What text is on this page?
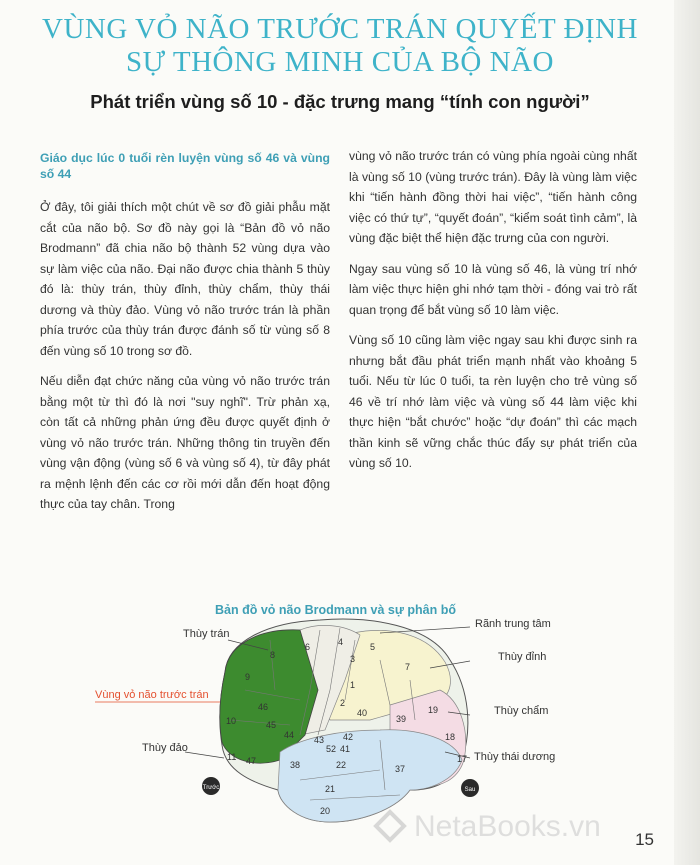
VÙNG VỎ NÃO TRƯỚC TRÁN QUYẾT ĐỊNH
SỰ THÔNG MINH CỦA BỘ NÃO
Phát triển vùng số 10 - đặc trưng mang “tính con người”

Giáo dục lúc 0 tuổi rèn luyện vùng số 46 và vùng số 44

Ở đây, tôi giải thích một chút về sơ đồ giải phẫu mặt cắt của não bộ. Sơ đồ này gọi là “Bản đồ vỏ não Brodmann” đã chia não bộ thành 52 vùng dựa vào sự làm việc của não. Đại não được chia thành 5 thùy đó là: thùy trán, thùy đỉnh, thùy chẩm, thùy thái dương và thùy đảo. Vùng vỏ não trước trán là phần phía trước của thùy trán được đánh số từ vùng số 8 đến vùng số 10 trong sơ đồ.

Nếu diễn đạt chức năng của vùng vỏ não trước trán bằng một từ thì đó là nơi "suy nghĩ". Trừ phản xạ, còn tất cả những phản ứng đều được quyết định ở vùng vỏ não trước trán. Những thông tin truyền đến vùng vận động (vùng số 6 và vùng số 4), từ đây phát ra mệnh lệnh đến các cơ rồi mới dẫn đến hoạt động thực của tay chân. Trong

vùng vỏ não trước trán có vùng phía ngoài cùng nhất là vùng số 10 (vùng trước trán). Đây là vùng làm việc khi “tiến hành đồng thời hai việc”, “tiến hành công việc có thứ tự”, “quyết đoán”, “kiểm soát tình cảm”, là vùng đặc biệt thể hiện đặc trưng của con người.

Ngay sau vùng số 10 là vùng số 46, là vùng trí nhớ làm việc thực hiện ghi nhớ tạm thời - đóng vai trò rất quan trọng để bắt vùng số 10 làm việc.

Vùng số 10 cũng làm việc ngay sau khi được sinh ra nhưng bắt đầu phát triển mạnh nhất vào khoảng 5 tuổi. Nếu từ lúc 0 tuổi, ta rèn luyện cho trẻ vùng số 46 về trí nhớ làm việc và vùng số 44 làm việc khi thực hiện “bắt chước” hoặc “dự đoán” thì các mạch thần kinh sẽ vững chắc thúc đẩy sự phát triển của vùng số 10.

Bản đồ vỏ não Brodmann và sự phân bố
4
6
8
5
3
7
9
1
46	2
10	45
44
40
39
19
11 47
43
41
42
52
22
18
17
37
38
21
20
Thùy trán
Rãnh trung tâm
Thùy đỉnh
Vùng vỏ não trước trán
Thùy chẩm
Thùy đảo
Thùy thái dương
Trước	Sau
NetaBooks.vn 15
